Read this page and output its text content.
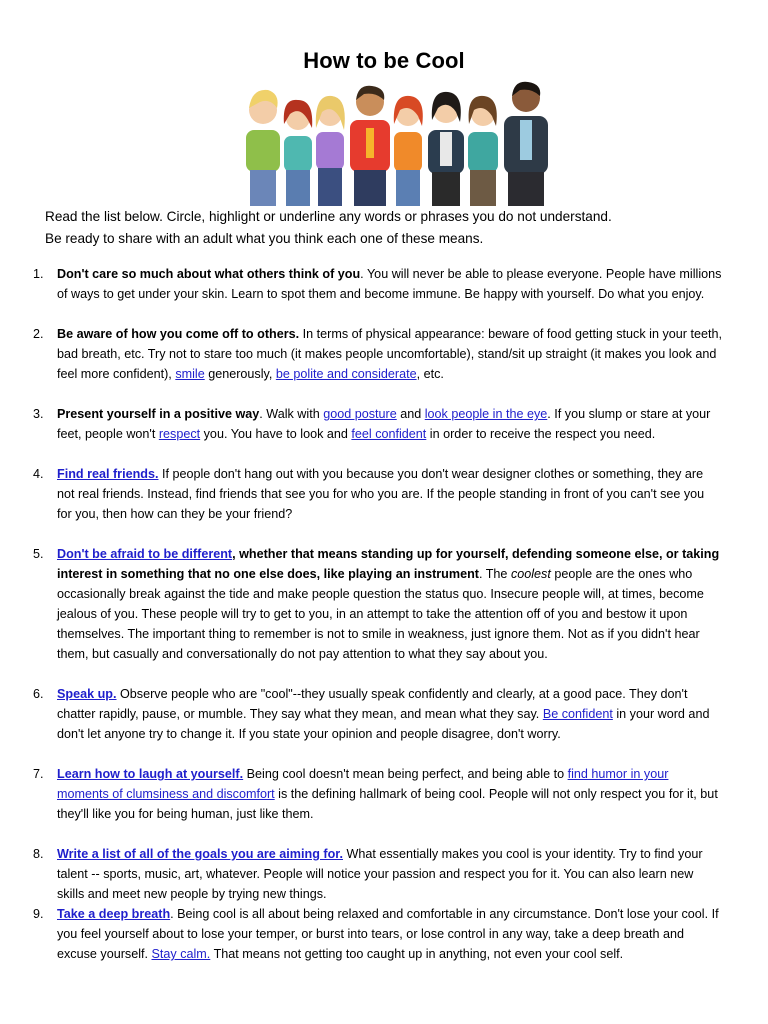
How to be Cool

Read the list below. Circle, highlight or underline any words or phrases you do not understand.

Be ready to share with an adult what you think each one of these means.

1.	Don't care so much about what others think of you. You will never be able to please everyone. People have millions of ways to get under your skin. Learn to spot them and become immune. Be happy with yourself. Do what you enjoy.
2.	Be aware of how you come off to others. In terms of physical appearance: beware of food getting stuck in your teeth, bad breath, etc. Try not to stare too much (it makes people uncomfortable), stand/sit up straight (it makes you look and feel more confident), smile generously, be polite and considerate, etc.
3.	Present yourself in a positive way. Walk with good posture and look people in the eye. If you slump or stare at your feet, people won't respect you. You have to look and feel confident in order to receive the respect you need.
4.	Find real friends. If people don't hang out with you because you don't wear designer clothes or something, they are not real friends. Instead, find friends that see you for who you are. If the people standing in front of you can't see you for you, then how can they be your friend?
5.	Don't be afraid to be different, whether that means standing up for yourself, defending someone else, or taking interest in something that no one else does, like playing an instrument. The coolest people are the ones who occasionally break against the tide and make people question the status quo. Insecure people will, at times, become jealous of you. These people will try to get to you, in an attempt to take the attention off of you and bestow it upon themselves. The important thing to remember is not to smile in weakness, just ignore them. Not as if you didn't hear them, but casually and conversationally do not pay attention to what they say about you.
6.	Speak up. Observe people who are "cool"--they usually speak confidently and clearly, at a good pace. They don't chatter rapidly, pause, or mumble. They say what they mean, and mean what they say. Be confident in your word and don't let anyone try to change it. If you state your opinion and people disagree, don't worry.
7.	Learn how to laugh at yourself. Being cool doesn't mean being perfect, and being able to find humor in your moments of clumsiness and discomfort is the defining hallmark of being cool. People will not only respect you for it, but they'll like you for being human, just like them.
8.	Write a list of all of the goals you are aiming for. What essentially makes you cool is your identity. Try to find your talent -- sports, music, art, whatever. People will notice your passion and respect you for it. You can also learn new skills and meet new people by trying new things.
9.	Take a deep breath. Being cool is all about being relaxed and comfortable in any circumstance. Don't lose your cool. If you feel yourself about to lose your temper, or burst into tears, or lose control in any way, take a deep breath and excuse yourself. Stay calm. That means not getting too caught up in anything, not even your cool self.
